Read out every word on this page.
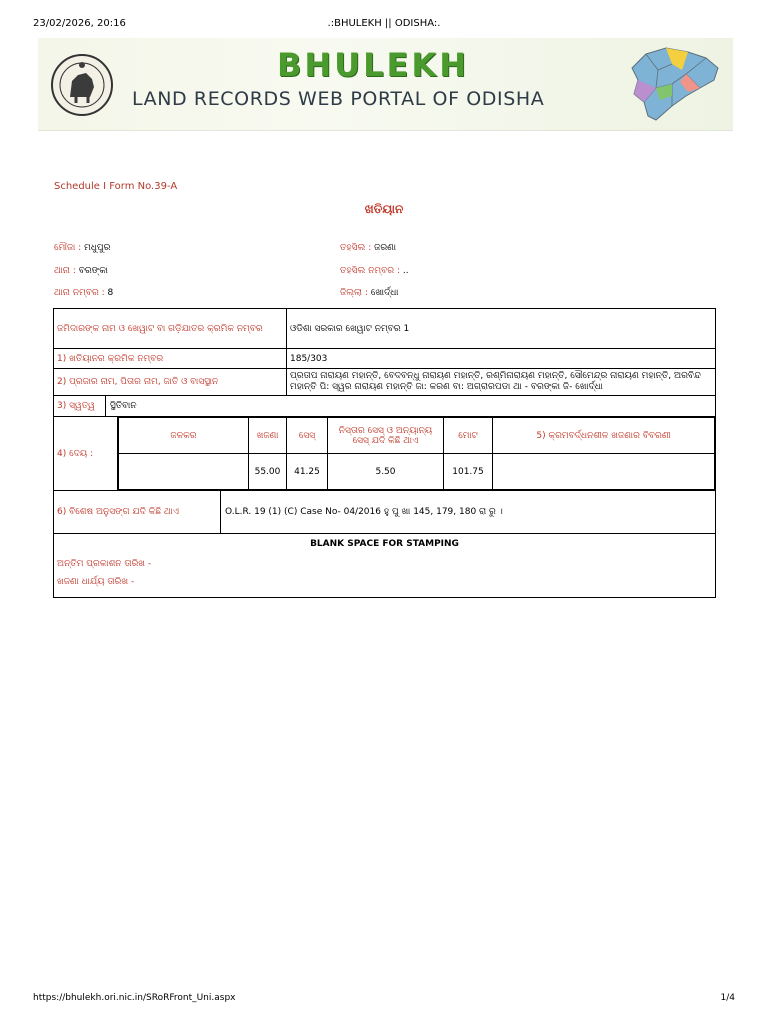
23/02/2026, 20:16	.:BHULEKH || ODISHA:.
BHULEKH
LAND RECORDS WEB PORTAL OF ODISHA
Schedule I Form No.39-A
ଖତିୟାନ
ମୌଜା : ମଧୁପୁର	ତହସିଲ : ଜରଣା
ଥାନା : ବରଙ୍କା	ତହସିଲ ନମ୍ବର : ..
ଥାନା ନମ୍ବର : 8	ଜିଲ୍ଲା : ଖୋର୍ଦ୍ଧା
ଜମିଦାରଙ୍କ ନାମ ଓ ଖେୱାଟ ବା ଗଡ଼ିଯାତର କ୍ରମିକ ନମ୍ବର	ଓଡିଶା ସରକାର ଖେୱାଟ ନମ୍ବର 1
1) ଖତିୟାନର କ୍ରମିକ ନମ୍ବର	185/303
2) ପ୍ରଜାର ନାମ, ପିତାର ନାମ, ଜାତି ଓ ବାସସ୍ଥାନ	ପ୍ରତାପ ନାରାୟଣ ମହାନ୍ତି, ବେଦବନ୍ଧୁ ନାରାୟଣ ମହାନ୍ତି, ରଶ୍ମିନାରାୟଣ ମହାନ୍ତି, ସୌମେନ୍ଦ୍ର ନାରାୟଣ ମହାନ୍ତି, ଅରବିନ୍ଦ ମହାନ୍ତି ପି: ସ୍ୱର ନାରାୟଣ ମହାନ୍ତି ଜା: କରଣ ବା: ଅଗ୍ରାରପଡା ଥା - ବରଙ୍କା ଜି- ଖୋର୍ଦ୍ଧା

3) ସ୍ୱତ୍ୱ	ସ୍ଥିତିବାନ

4) ଦେୟ :
ଜଳକର	ଖଜଣା	ସେସ୍	ନିସ୍ତାର ସେସ୍ ଓ ଅନ୍ୟାନ୍ୟ ସେସ୍ ଯଦି କିଛି ଥାଏ	ମୋଟ	5) କ୍ରମବର୍ଦ୍ଧନଶୀଳ ଖଜଣାର ବିବରଣୀ
	55.00	41.25	5.50	101.75	

6) ବିଶେଷ ଅନୁସଙ୍ଗ ଯଦି କିଛି ଥାଏ	O.L.R. 19 (1) (C) Case No- 04/2016 ହୁ ପୁ ଖା 145, 179, 180 ରା ରୁ ।

BLANK SPACE FOR STAMPING
ଅନ୍ତିମ ପ୍ରକାଶନ ତାରିଖ -
ଖଜଣା ଧାର୍ଯ୍ୟ ତାରିଖ -
https://bhulekh.ori.nic.in/SRoRFront_Uni.aspx	1/4
